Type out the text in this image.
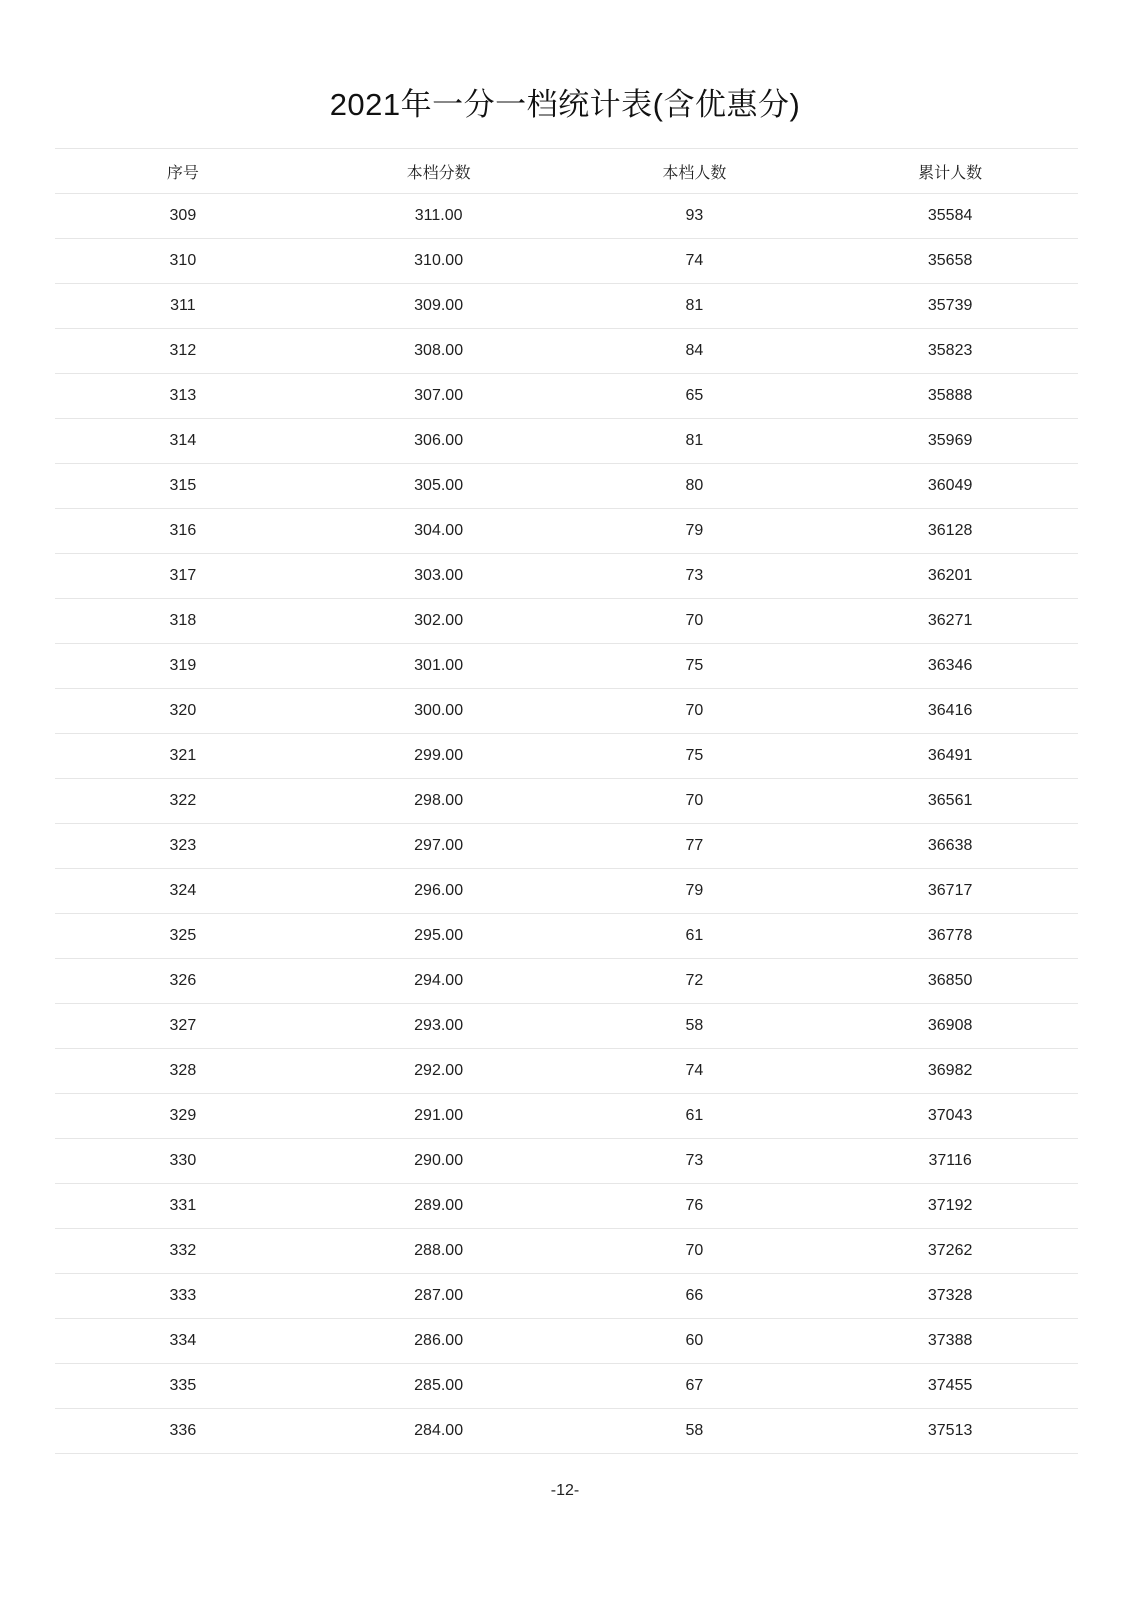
2021年一分一档统计表(含优惠分)
序号	本档分数	本档人数	累计人数
309	311.00	93	35584
310	310.00	74	35658
311	309.00	81	35739
312	308.00	84	35823
313	307.00	65	35888
314	306.00	81	35969
315	305.00	80	36049
316	304.00	79	36128
317	303.00	73	36201
318	302.00	70	36271
319	301.00	75	36346
320	300.00	70	36416
321	299.00	75	36491
322	298.00	70	36561
323	297.00	77	36638
324	296.00	79	36717
325	295.00	61	36778
326	294.00	72	36850
327	293.00	58	36908
328	292.00	74	36982
329	291.00	61	37043
330	290.00	73	37116
331	289.00	76	37192
332	288.00	70	37262
333	287.00	66	37328
334	286.00	60	37388
335	285.00	67	37455
336	284.00	58	37513
-12-
